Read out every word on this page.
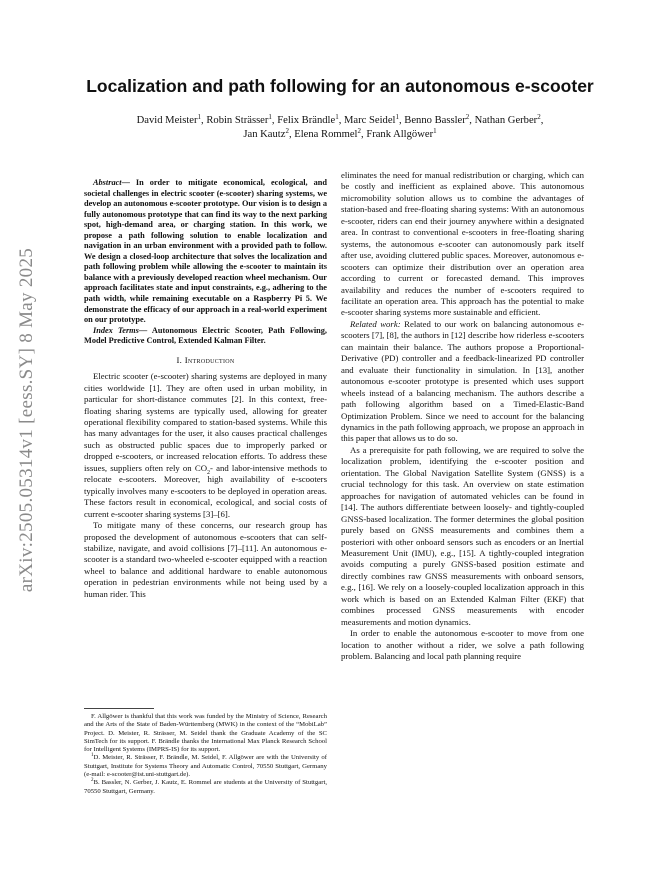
arXiv:2505.05314v1 [eess.SY] 8 May 2025
Localization and path following for an autonomous e-scooter
David Meister$^1$, Robin Strässer$^1$, Felix Brändle$^1$, Marc Seidel$^1$, Benno Bassler$^2$, Nathan Gerber$^2$,
Jan Kautz$^2$, Elena Rommel$^2$, Frank Allgöwer$^1$

Abstract— In order to mitigate economical, ecological, and societal challenges in electric scooter (e-scooter) sharing systems, we develop an autonomous e-scooter prototype. Our vision is to design a fully autonomous prototype that can find its way to the next parking spot, high-demand area, or charging station. In this work, we propose a path following solution to enable localization and navigation in an urban environment with a provided path to follow. We design a closed-loop architecture that solves the localization and path following problem while allowing the e-scooter to maintain its balance with a previously developed reaction wheel mechanism. Our approach facilitates state and input constraints, e.g., adhering to the path width, while remaining executable on a Raspberry Pi 5. We demonstrate the efficacy of our approach in a real-world experiment on our prototype.

Index Terms— Autonomous Electric Scooter, Path Following, Model Predictive Control, Extended Kalman Filter.

I. Introduction

Electric scooter (e-scooter) sharing systems are deployed in many cities worldwide [1]. They are often used in urban mobility, in particular for short-distance commutes [2]. In this context, free-floating sharing systems are typically used, allowing for greater operational flexibility compared to station-based systems. While this has many advantages for the user, it also causes practical challenges such as obstructed public spaces due to improperly parked or dropped e-scooters, or increased relocation efforts. To address these issues, suppliers often rely on $CO_2-$ and labor-intensive methods to relocate e-scooters. Moreover, high availability of e-scooters typically involves many e-scooters to be deployed in operation areas. These factors result in economical, ecological, and social costs of current e-scooter sharing systems [3]–[6].

To mitigate many of these concerns, our research group has proposed the development of autonomous e-scooters that can self-stabilize, navigate, and avoid collisions [7]–[11]. An autonomous e-scooter is a standard two-wheeled e-scooter equipped with a reaction wheel to balance and additional hardware to enable autonomous operation in pedestrian environments while not being used by a human rider. This

F. Allgöwer is thankful that this work was funded by the Ministry of Science, Research and the Arts of the State of Baden-Württemberg (MWK) in the context of the “MobiLab” Project. D. Meister, R. Strässer, M. Seidel thank the Graduate Academy of the SC SimTech for its support. F. Brändle thanks the International Max Planck Research School for Intelligent Systems (IMPRS-IS) for its support.

$^1$D. Meister, R. Strässer, F. Brändle, M. Seidel, F. Allgöwer are with the University of Stuttgart, Institute for Systems Theory and Automatic Control, 70550 Stuttgart, Germany (e-mail: e-scooter@ist.uni-stuttgart.de).

$^2$B. Bassler, N. Gerber, J. Kautz, E. Rommel are students at the University of Stuttgart, 70550 Stuttgart, Germany.

eliminates the need for manual redistribution or charging, which can be costly and inefficient as explained above. This autonomous micromobility solution allows us to combine the advantages of station-based and free-floating sharing systems: With an autonomous e-scooter, riders can end their journey anywhere within a designated area. In contrast to conventional e-scooters in free-floating sharing systems, the autonomous e-scooter can autonomously park itself after use, avoiding cluttered public spaces. Moreover, autonomous e-scooters can optimize their distribution over an operation area according to current or forecasted demand. This improves availability and reduces the number of e-scooters required to facilitate an operation area. This approach has the potential to make e-scooter sharing systems more sustainable and efficient.

Related work: Related to our work on balancing autonomous e-scooters [7], [8], the authors in [12] describe how riderless e-scooters can maintain their balance. The authors propose a Proportional-Derivative (PD) controller and a feedback-linearized PD controller and evaluate their functionality in simulation. In [13], another autonomous e-scooter prototype is presented which uses support wheels instead of a balancing mechanism. The authors describe a path following algorithm based on a Timed-Elastic-Band Optimization Problem. Since we need to account for the balancing dynamics in the path following approach, we propose an approach in this paper that allows us to do so.

As a prerequisite for path following, we are required to solve the localization problem, identifying the e-scooter position and orientation. The Global Navigation Satellite System (GNSS) is a crucial technology for this task. An overview on state estimation approaches for navigation of automated vehicles can be found in [14]. The authors differentiate between loosely- and tightly-coupled GNSS-based localization. The former determines the global position purely based on GNSS measurements and combines them a posteriori with other onboard sensors such as encoders or an Inertial Measurement Unit (IMU), e.g., [15]. A tightly-coupled integration avoids computing a purely GNSS-based position estimate and directly combines raw GNSS measurements with onboard sensors, e.g., [16]. We rely on a loosely-coupled localization approach in this work which is based on an Extended Kalman Filter (EKF) that combines processed GNSS measurements with encoder measurements and motion dynamics.

In order to enable the autonomous e-scooter to move from one location to another without a rider, we solve a path following problem. Balancing and local path planning require
